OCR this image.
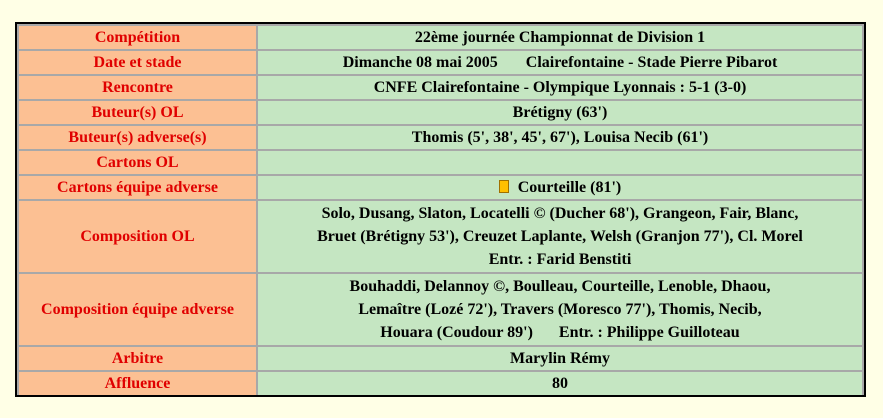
Compétition	22ème journée Championnat de Division 1
Date et stade	Dimanche 08 mai 2005 Clairefontaine - Stade Pierre Pibarot
Rencontre	CNFE Clairefontaine - Olympique Lyonnais : 5-1 (3-0)
Buteur(s) OL	Brétigny (63')
Buteur(s) adverse(s)	Thomis (5', 38', 45', 67'), Louisa Necib (61')
Cartons OL	
Cartons équipe adverse	Courteille (81')
Composition OL	Solo, Dusang, Slaton, Locatelli © (Ducher 68'), Grangeon, Fair, Blanc,
Bruet (Brétigny 53'), Creuzet Laplante, Welsh (Granjon 77'), Cl. Morel
Entr. : Farid Benstiti

Composition équipe adverse	Bouhaddi, Delannoy ©, Boulleau, Courteille, Lenoble, Dhaou,
Lemaître (Lozé 72'), Travers (Moresco 77'), Thomis, Necib,
Houara (Coudour 89') Entr. : Philippe Guilloteau

Arbitre	Marylin Rémy
Affluence	80
